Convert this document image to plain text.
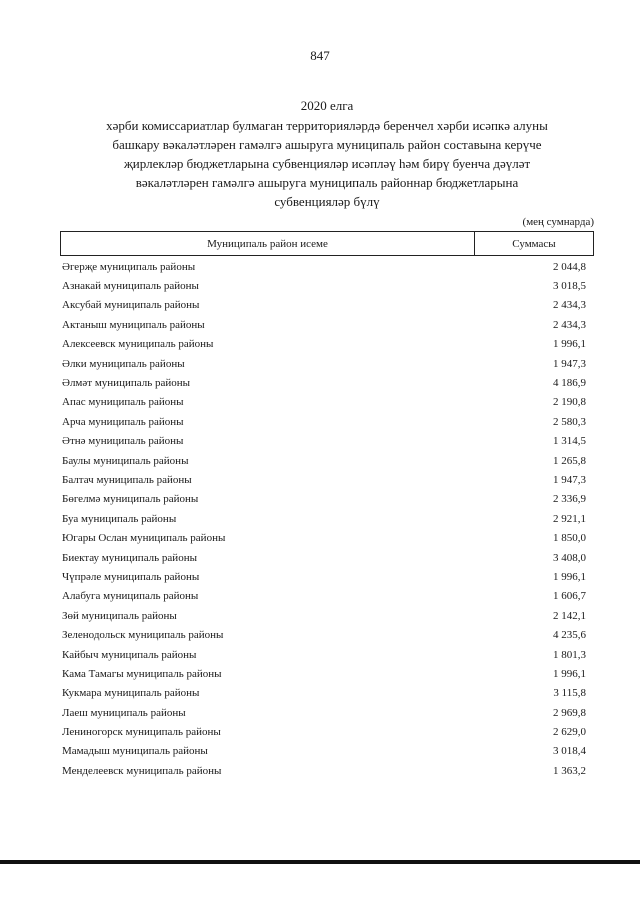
847
2020 елга
хәрби комиссариатлар булмаган территорияләрдә беренчел хәрби исәпкә алуны
башкару вәкаләтләрен гамәлгә ашыруга муниципаль район составына керүче
җирлекләр бюджетларына субвенцияләр исәпләү һәм бирү буенча дәүләт
вәкаләтләрен гамәлгә ашыруга муниципаль районнар бюджетларына
субвенцияләр бүлү
(мең сумнарда)
Муниципаль район исеме	Суммасы
Әгерҗе муниципаль районы	2 044,8
Азнакай муниципаль районы	3 018,5
Аксубай муниципаль районы	2 434,3
Актаныш муниципаль районы	2 434,3
Алексеевск муниципаль районы	1 996,1
Әлки муниципаль районы	1 947,3
Әлмәт муниципаль районы	4 186,9
Апас муниципаль районы	2 190,8
Арча муниципаль районы	2 580,3
Әтнә муниципаль районы	1 314,5
Баулы муниципаль районы	1 265,8
Балтач муниципаль районы	1 947,3
Бөгелмә муниципаль районы	2 336,9
Буа муниципаль районы	2 921,1
Югары Ослан муниципаль районы	1 850,0
Биектау муниципаль районы	3 408,0
Чүпрәле муниципаль районы	1 996,1
Алабуга муниципаль районы	1 606,7
Зөй муниципаль районы	2 142,1
Зеленодольск муниципаль районы	4 235,6
Кайбыч муниципаль районы	1 801,3
Кама Тамагы муниципаль районы	1 996,1
Кукмара муниципаль районы	3 115,8
Лаеш муниципаль районы	2 969,8
Лениногорск муниципаль районы	2 629,0
Мамадыш муниципаль районы	3 018,4
Менделеевск муниципаль районы	1 363,2
